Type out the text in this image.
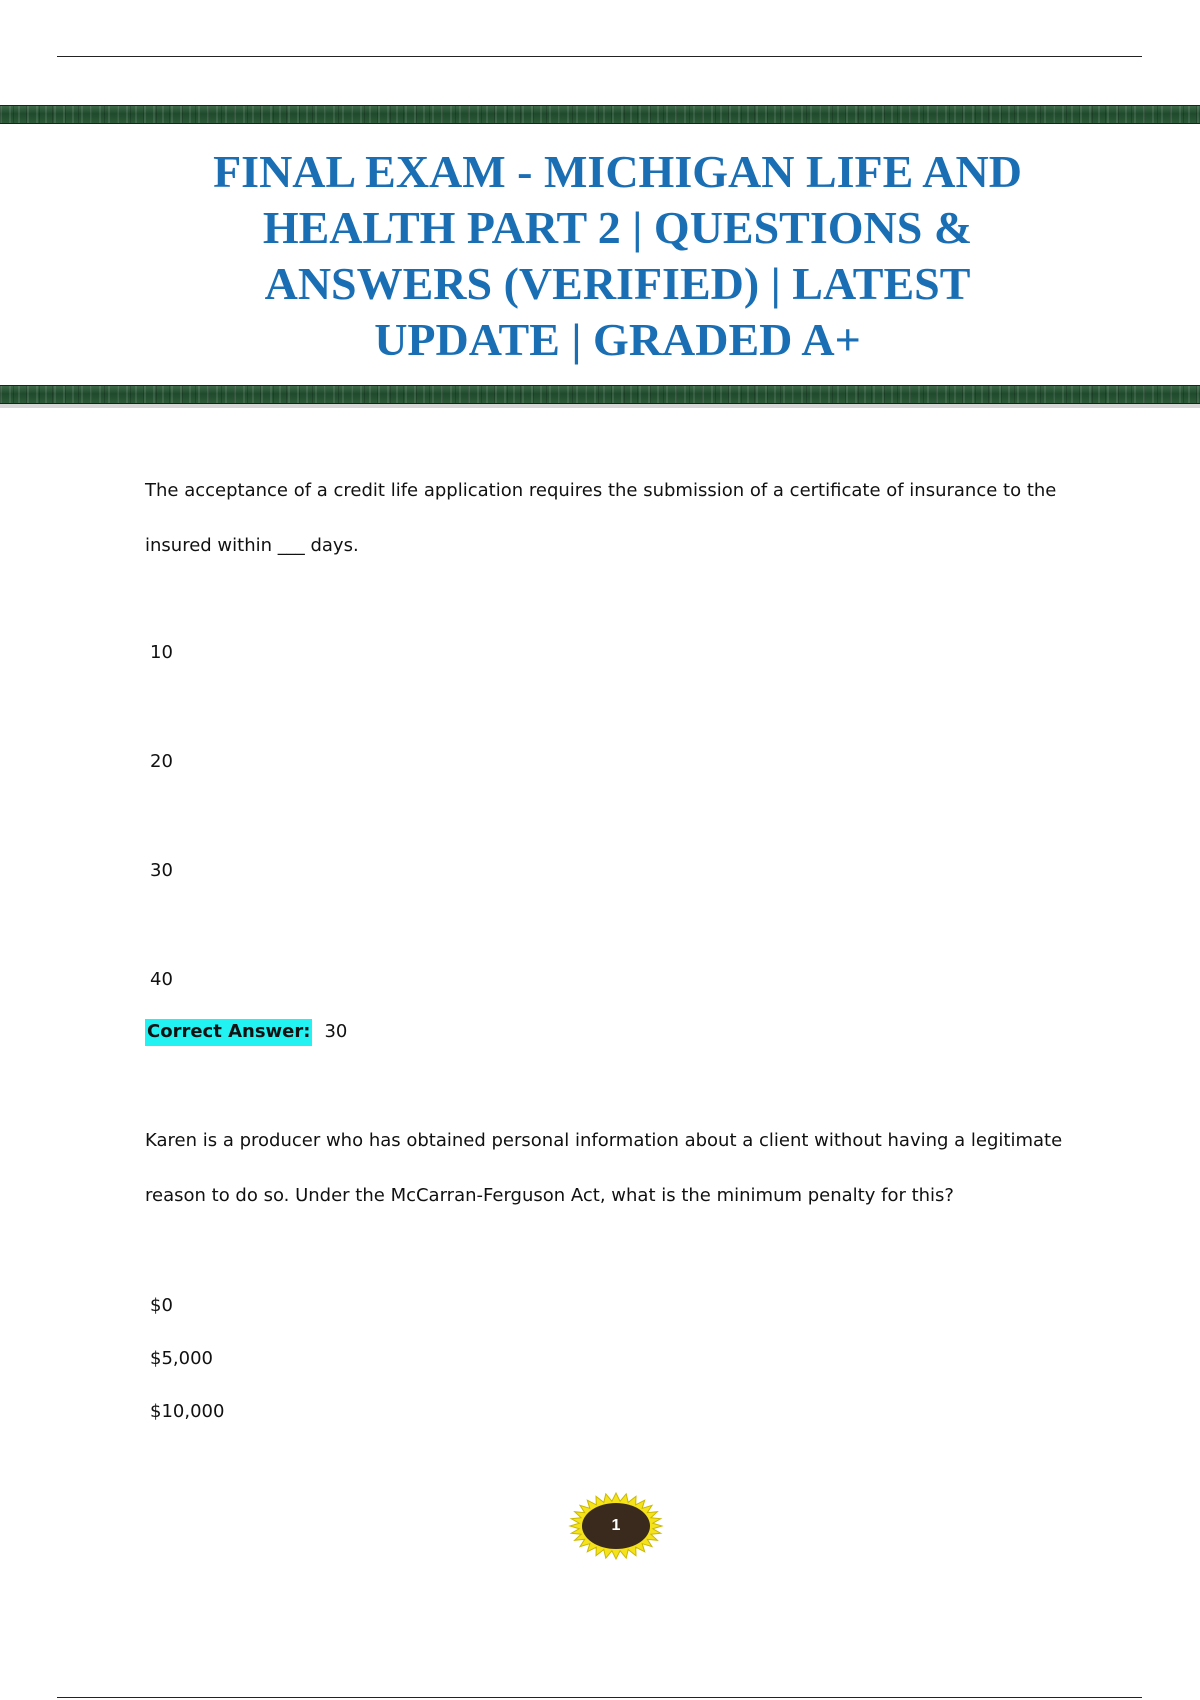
FINAL EXAM - MICHIGAN LIFE AND
HEALTH PART 2 | QUESTIONS &
ANSWERS (VERIFIED) | LATEST
UPDATE | GRADED A+
The acceptance of a credit life application requires the submission of a certificate of insurance to the
insured within ___ days.
10
20
30
40
Correct Answer: 30
Karen is a producer who has obtained personal information about a client without having a legitimate
reason to do so. Under the McCarran-Ferguson Act, what is the minimum penalty for this?
$0
$5,000
$10,000
1
